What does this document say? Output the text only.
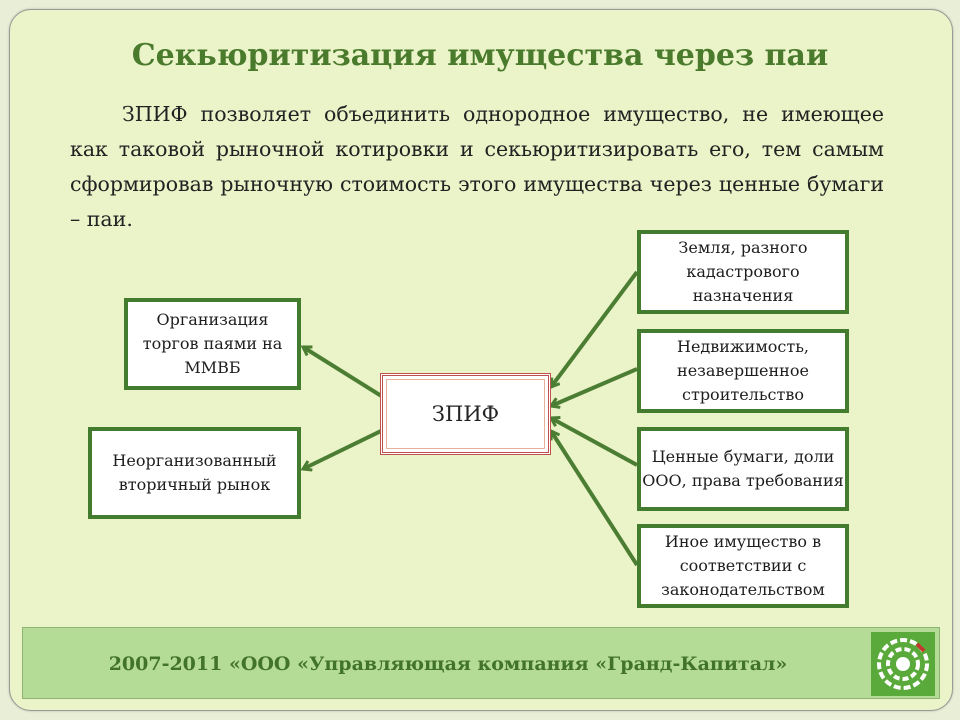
Секьюритизация имущества через паи
ЗПИФ позволяет объединить однородное имущество, не имеющее как таковой рыночной котировки и секьюритизировать его, тем самым сформировав рыночную стоимость этого имущества через ценные бумаги – паи.
Организация торгов паями на ММВБ
Неорганизованный вторичный рынок
ЗПИФ
Земля, разного кадастрового назначения
Недвижимость, незавершенное строительство
Ценные бумаги, доли ООО, права требования
Иное имущество в соответствии с законодательством
2007-2011 «ООО «Управляющая компания «Гранд-Капитал»
